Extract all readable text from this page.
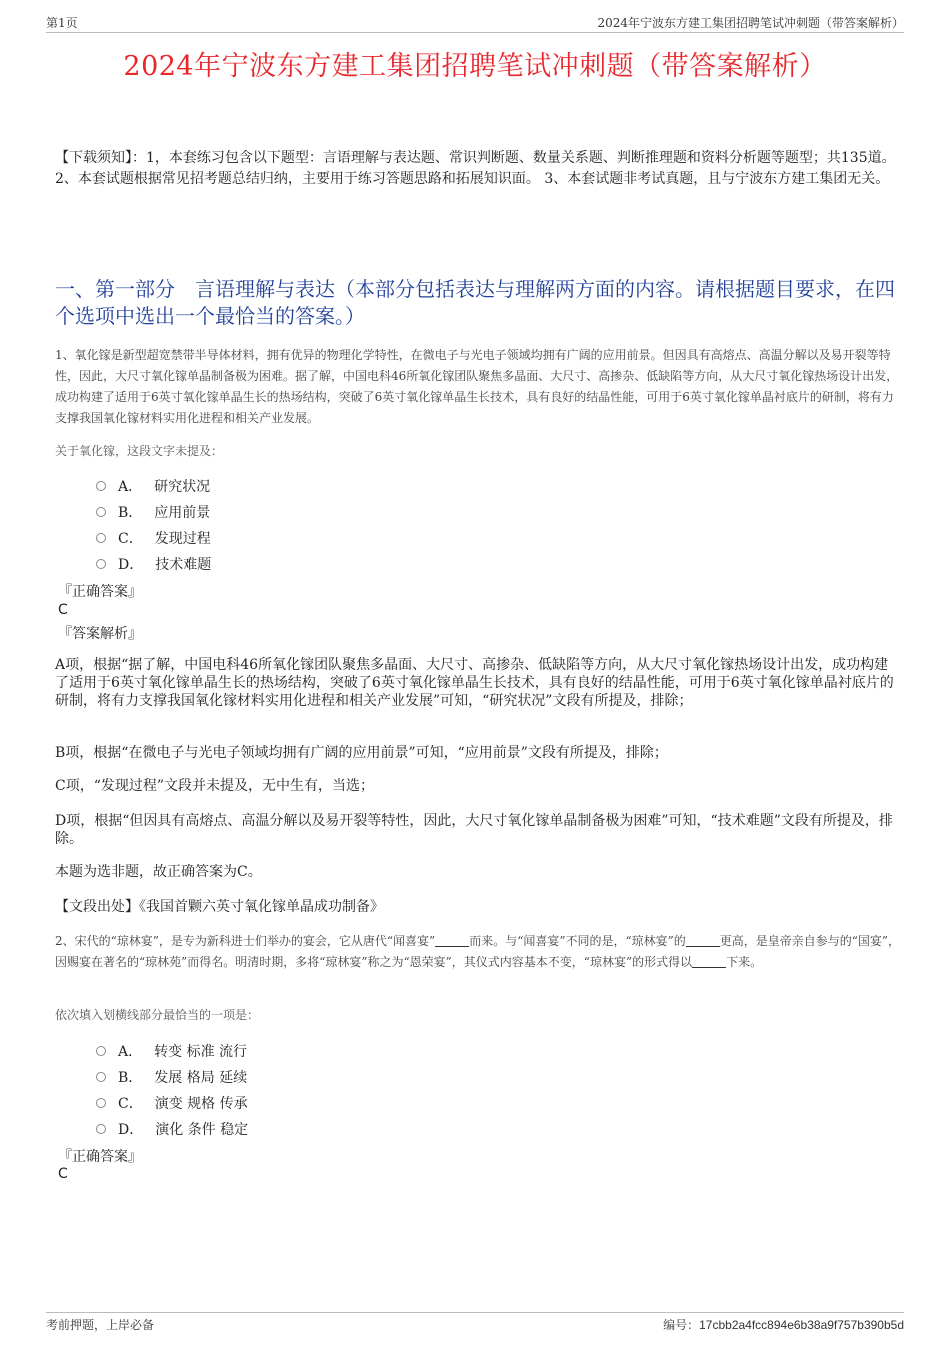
第1页	2024年宁波东方建工集团招聘笔试冲刺题（带答案解析）
2024年宁波东方建工集团招聘笔试冲刺题（带答案解析）
【下载须知】：1，本套练习包含以下题型：言语理解与表达题、常识判断题、数量关系题、判断推理题和资料分析题等题型；共135道。 2、本套试题根据常见招考题总结归纳，主要用于练习答题思路和拓展知识面。 3、本套试题非考试真题，且与宁波东方建工集团无关。
一、第一部分　言语理解与表达（本部分包括表达与理解两方面的内容。请根据题目要求，在四个选项中选出一个最恰当的答案。）
1、氧化镓是新型超宽禁带半导体材料，拥有优异的物理化学特性，在微电子与光电子领域均拥有广阔的应用前景。但因具有高熔点、高温分解以及易开裂等特性，因此，大尺寸氧化镓单晶制备极为困难。据了解，中国电科46所氧化镓团队聚焦多晶面、大尺寸、高掺杂、低缺陷等方向，从大尺寸氧化镓热场设计出发，成功构建了适用于6英寸氧化镓单晶生长的热场结构，突破了6英寸氧化镓单晶生长技术，具有良好的结晶性能，可用于6英寸氧化镓单晶衬底片的研制，将有力支撑我国氧化镓材料实用化进程和相关产业发展。
关于氧化镓，这段文字未提及：
A． 研究状况
B． 应用前景
C． 发现过程
D． 技术难题
『正确答案』
C
『答案解析』
A项，根据“据了解，中国电科46所氧化镓团队聚焦多晶面、大尺寸、高掺杂、低缺陷等方向，从大尺寸氧化镓热场设计出发，成功构建了适用于6英寸氧化镓单晶生长的热场结构，突破了6英寸氧化镓单晶生长技术，具有良好的结晶性能，可用于6英寸氧化镓单晶衬底片的研制，将有力支撑我国氧化镓材料实用化进程和相关产业发展”可知，“研究状况”文段有所提及，排除；
B项，根据“在微电子与光电子领域均拥有广阔的应用前景”可知，“应用前景”文段有所提及，排除；
C项，“发现过程”文段并未提及，无中生有，当选；
D项，根据“但因具有高熔点、高温分解以及易开裂等特性，因此，大尺寸氧化镓单晶制备极为困难”可知，“技术难题”文段有所提及，排除。
本题为选非题，故正确答案为C。
【文段出处】《我国首颗六英寸氧化镓单晶成功制备》
2、宋代的“琼林宴”，是专为新科进士们举办的宴会，它从唐代“闻喜宴”	而来。与“闻喜宴”不同的是，“琼林宴”的	更高，是皇帝亲自参与的“国宴”，因赐宴在著名的“琼林苑”而得名。明清时期，多将“琼林宴”称之为“恩荣宴”，其仪式内容基本不变，“琼林宴”的形式得以	下来。
依次填入划横线部分最恰当的一项是：
A． 转变 标准 流行
B． 发展 格局 延续
C． 演变 规格 传承
D． 演化 条件 稳定
『正确答案』
C
考前押题，上岸必备	编号：17cbb2a4fcc894e6b38a9f757b390b5d
